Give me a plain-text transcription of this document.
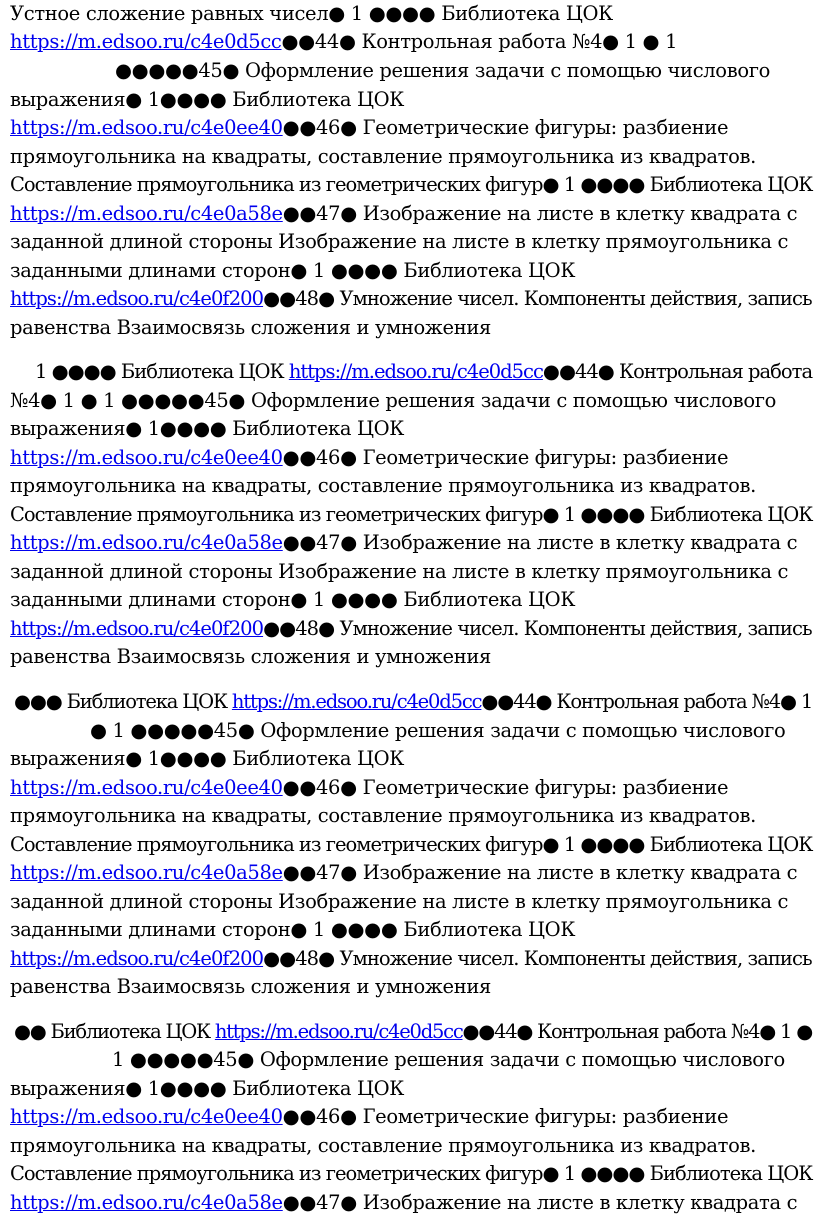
Устное сложение равных чисел● 1 ●●●● Библиотека ЦОК
https://m.edsoo.ru/c4e0d5cc●●44● Контрольная работа №4● 1 ● 1
●●●●●45● Оформление решения задачи с помощью числового
выражения● 1●●●● Библиотека ЦОК
https://m.edsoo.ru/c4e0ee40●●46● Геометрические фигуры: разбиение
прямоугольника на квадраты, составление прямоугольника из квадратов.
Составление прямоугольника из геометрических фигур● 1 ●●●● Библиотека ЦОК
https://m.edsoo.ru/c4e0a58e●●47● Изображение на листе в клетку квадрата с
заданной длиной стороны Изображение на листе в клетку прямоугольника с
заданными длинами сторон● 1 ●●●● Библиотека ЦОК
https://m.edsoo.ru/c4e0f200●●48● Умножение чисел. Компоненты действия, запись
равенства Взаимосвязь сложения и умножения
1 ●●●● Библиотека ЦОК https://m.edsoo.ru/c4e0d5cc●●44● Контрольная работа
№4● 1 ● 1 ●●●●●45● Оформление решения задачи с помощью числового
выражения● 1●●●● Библиотека ЦОК
https://m.edsoo.ru/c4e0ee40●●46● Геометрические фигуры: разбиение
прямоугольника на квадраты, составление прямоугольника из квадратов.
Составление прямоугольника из геометрических фигур● 1 ●●●● Библиотека ЦОК
https://m.edsoo.ru/c4e0a58e●●47● Изображение на листе в клетку квадрата с
заданной длиной стороны Изображение на листе в клетку прямоугольника с
заданными длинами сторон● 1 ●●●● Библиотека ЦОК
https://m.edsoo.ru/c4e0f200●●48● Умножение чисел. Компоненты действия, запись
равенства Взаимосвязь сложения и умножения
●●● Библиотека ЦОК https://m.edsoo.ru/c4e0d5cc●●44● Контрольная работа №4● 1
● 1 ●●●●●45● Оформление решения задачи с помощью числового
выражения● 1●●●● Библиотека ЦОК
https://m.edsoo.ru/c4e0ee40●●46● Геометрические фигуры: разбиение
прямоугольника на квадраты, составление прямоугольника из квадратов.
Составление прямоугольника из геометрических фигур● 1 ●●●● Библиотека ЦОК
https://m.edsoo.ru/c4e0a58e●●47● Изображение на листе в клетку квадрата с
заданной длиной стороны Изображение на листе в клетку прямоугольника с
заданными длинами сторон● 1 ●●●● Библиотека ЦОК
https://m.edsoo.ru/c4e0f200●●48● Умножение чисел. Компоненты действия, запись
равенства Взаимосвязь сложения и умножения
●● Библиотека ЦОК https://m.edsoo.ru/c4e0d5cc●●44● Контрольная работа №4● 1 ●
1 ●●●●●45● Оформление решения задачи с помощью числового
выражения● 1●●●● Библиотека ЦОК
https://m.edsoo.ru/c4e0ee40●●46● Геометрические фигуры: разбиение
прямоугольника на квадраты, составление прямоугольника из квадратов.
Составление прямоугольника из геометрических фигур● 1 ●●●● Библиотека ЦОК
https://m.edsoo.ru/c4e0a58e●●47● Изображение на листе в клетку квадрата с
